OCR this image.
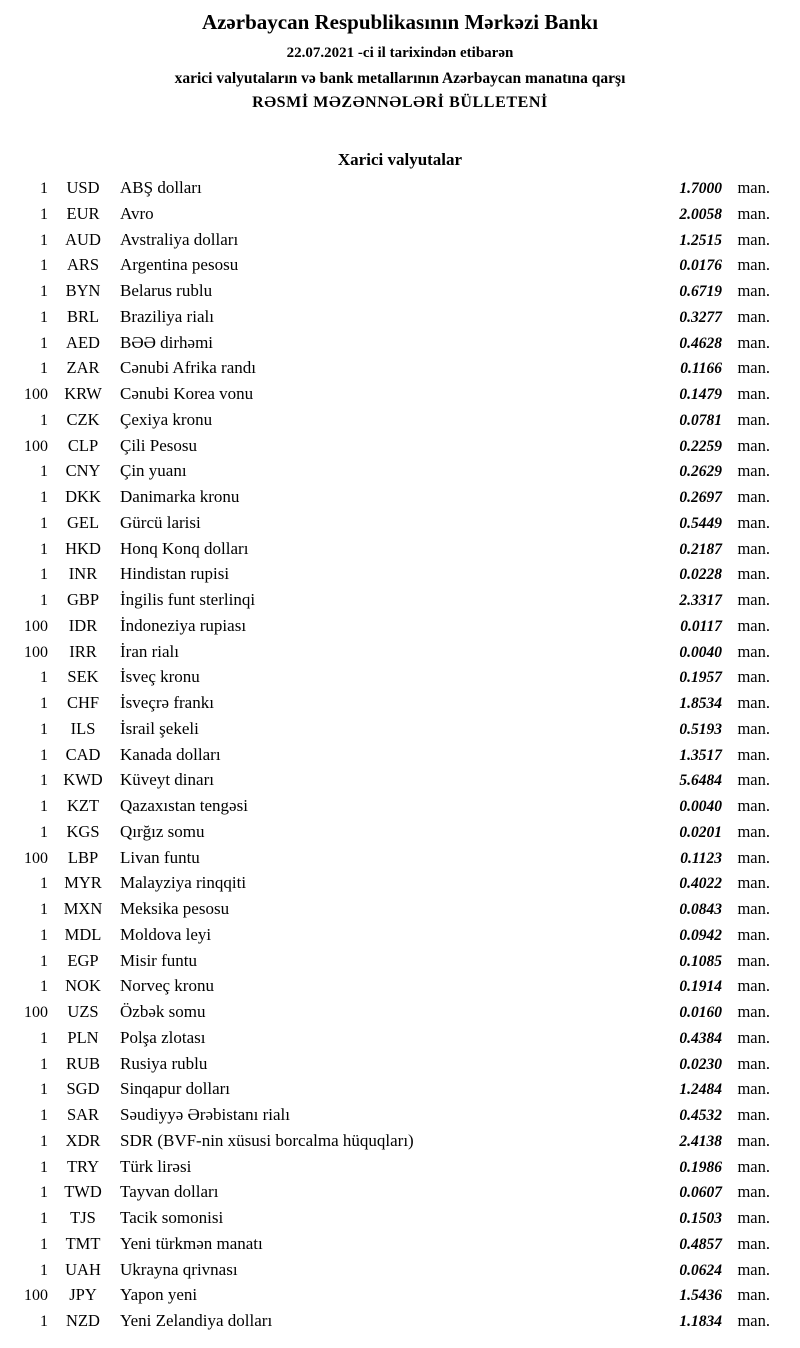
Azərbaycan Respublikasının Mərkəzi Bankı
22.07.2021 -ci il tarixindən etibarən
xarici valyutaların və bank metallarının Azərbaycan manatına qarşı
RƏSMİ MƏZƏNNƏLƏRİ BÜLLETENİ
Xarici valyutalar
1	USD	ABŞ dolları	1.7000 man.
1	EUR	Avro	2.0058 man.
1	AUD	Avstraliya dolları	1.2515 man.
1	ARS	Argentina pesosu	0.0176 man.
1	BYN	Belarus rublu	0.6719 man.
1	BRL	Braziliya rialı	0.3277 man.
1	AED	BƏƏ dirhəmi	0.4628 man.
1	ZAR	Cənubi Afrika randı	0.1166 man.
100 KRW	Cənubi Korea vonu	0.1479 man.
1	CZK	Çexiya kronu	0.0781 man.
100	CLP	Çili Pesosu	0.2259 man.
1	CNY	Çin yuanı	0.2629 man.
1	DKK	Danimarka kronu	0.2697 man.
1	GEL	Gürcü larisi	0.5449 man.
1	HKD	Honq Konq dolları	0.2187 man.
1	INR	Hindistan rupisi	0.0228 man.
1	GBP	İngilis funt sterlinqi	2.3317 man.
100	IDR	İndoneziya rupiası	0.0117 man.
100	IRR	İran rialı	0.0040 man.
1	SEK	İsveç kronu	0.1957 man.
1	CHF	İsveçrə frankı	1.8534 man.
1	ILS	İsrail şekeli	0.5193 man.
1	CAD	Kanada dolları	1.3517 man.
1 KWD	Küveyt dinarı	5.6484 man.
1	KZT	Qazaxıstan tengəsi	0.0040 man.
1	KGS	Qırğız somu	0.0201 man.
100	LBP	Livan funtu	0.1123 man.
1 MYR	Malayziya rinqqiti	0.4022 man.
1 MXN	Meksika pesosu	0.0843 man.
1	MDL	Moldova leyi	0.0942 man.
1	EGP	Misir funtu	0.1085 man.
1	NOK	Norveç kronu	0.1914 man.
100	UZS	Özbək somu	0.0160 man.
1	PLN	Polşa zlotası	0.4384 man.
1	RUB	Rusiya rublu	0.0230 man.
1	SGD	Sinqapur dolları	1.2484 man.
1	SAR	Səudiyyə Ərəbistanı rialı	0.4532 man.
1	XDR	SDR (BVF-nin xüsusi borcalma hüquqları)	2.4138 man.
1	TRY	Türk lirəsi	0.1986 man.
1 TWD	Tayvan dolları	0.0607 man.
1	TJS	Tacik somonisi	0.1503 man.
1	TMT	Yeni türkmən manatı	0.4857 man.
1	UAH	Ukrayna qrivnası	0.0624 man.
100	JPY	Yapon yeni	1.5436 man.
1	NZD	Yeni Zelandiya dolları	1.1834 man.
